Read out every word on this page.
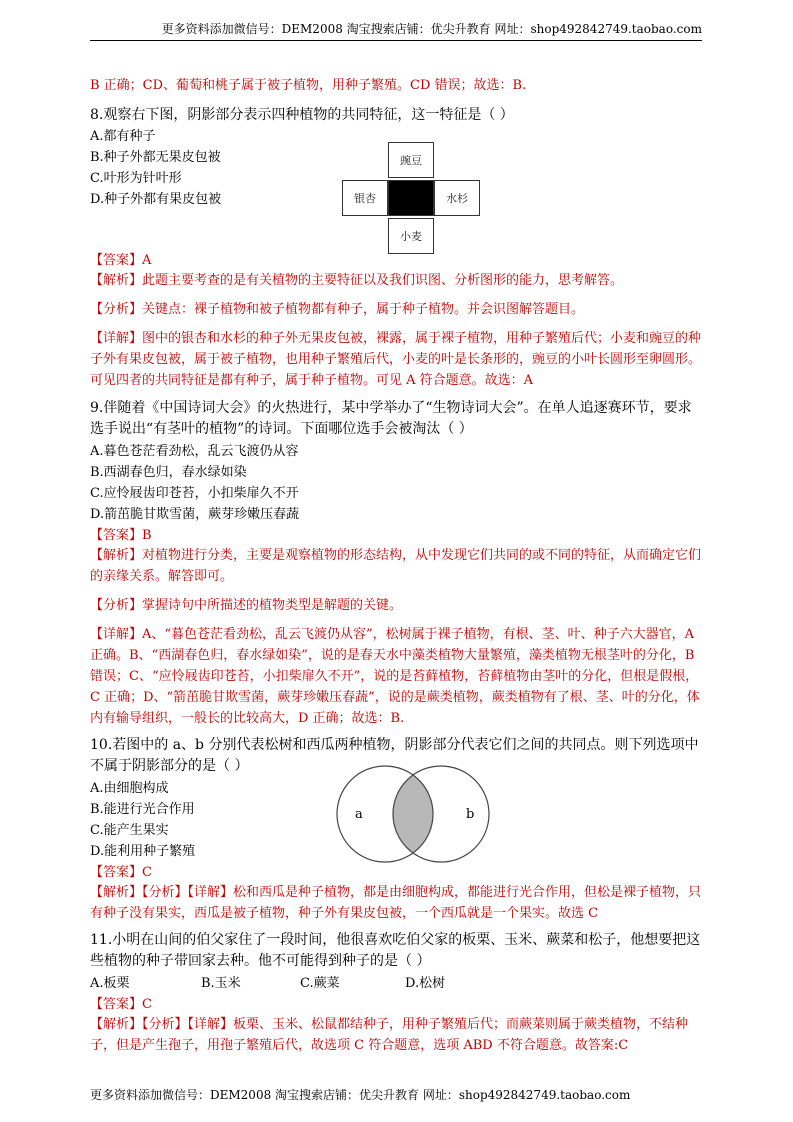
更多资料添加微信号：DEM2008 淘宝搜索店铺：优尖升教育 网址：shop492842749.taobao.com
B 正确；CD、葡萄和桃子属于被子植物，用种子繁殖。CD 错误；故选：B.
8.观察右下图，阴影部分表示四种植物的共同特征，这一特征是（ ）
A.都有种子
B.种子外都无果皮包被
C.叶形为针叶形
D.种子外都有果皮包被
豌豆
银杏	水杉
小麦
【答案】A
【解析】此题主要考查的是有关植物的主要特征以及我们识图、分析图形的能力，思考解答。
【分析】关键点：裸子植物和被子植物都有种子，属于种子植物。并会识图解答题目。
【详解】图中的银杏和水杉的种子外无果皮包被，裸露，属于裸子植物，用种子繁殖后代；小麦和豌豆的种子外有果皮包被，属于被子植物，也用种子繁殖后代，小麦的叶是长条形的，豌豆的小叶长圆形至卵圆形。可见四者的共同特征是都有种子，属于种子植物。可见 A 符合题意。故选：A
9.伴随着《中国诗词大会》的火热进行，某中学举办了“生物诗词大会”。在单人追逐赛环节，要求选手说出“有茎叶的植物”的诗词。下面哪位选手会被淘汰（ ）
A.暮色苍茫看劲松，乱云飞渡仍从容
B.西湖春色归，春水绿如染
C.应怜屐齿印苍苔，小扣柴扉久不开
D.箭茁脆甘欺雪菌，蕨芽珍嫩压春蔬
【答案】B
【解析】对植物进行分类，主要是观察植物的形态结构，从中发现它们共同的或不同的特征，从而确定它们的亲缘关系。解答即可。
【分析】掌握诗句中所描述的植物类型是解题的关键。
【详解】A、“暮色苍茫看劲松，乱云飞渡仍从容”，松树属于裸子植物，有根、茎、叶、种子六大器官，A 正确。B、“西湖春色归，春水绿如染”，说的是春天水中藻类植物大量繁殖，藻类植物无根茎叶的分化，B 错误；C、“应怜屐齿印苍苔，小扣柴扉久不开”，说的是苔藓植物，苔藓植物由茎叶的分化，但根是假根，C 正确；D、“箭茁脆甘欺雪菌，蕨芽珍嫩压春蔬”，说的是蕨类植物，蕨类植物有了根、茎、叶的分化，体内有输导组织，一般长的比较高大，D 正确；故选：B.
10.若图中的 a、b 分别代表松树和西瓜两种植物，阴影部分代表它们之间的共同点。则下列选项中不属于阴影部分的是（ ）
A.由细胞构成
B.能进行光合作用
C.能产生果实
D.能利用种子繁殖
a	b
【答案】C
【解析】【分析】【详解】松和西瓜是种子植物，都是由细胞构成，都能进行光合作用，但松是裸子植物，只有种子没有果实，西瓜是被子植物，种子外有果皮包被，一个西瓜就是一个果实。故选 C
11.小明在山间的伯父家住了一段时间，他很喜欢吃伯父家的板栗、玉米、蕨菜和松子，他想要把这些植物的种子带回家去种。他不可能得到种子的是（ ）
A.板栗	B.玉米	C.蕨菜	D.松树
【答案】C
【解析】【分析】【详解】板栗、玉米、松鼠都结种子，用种子繁殖后代；而蕨菜则属于蕨类植物，不结种子，但是产生孢子，用孢子繁殖后代，故选项 C 符合题意，选项 ABD 不符合题意。故答案:C
更多资料添加微信号：DEM2008 淘宝搜索店铺：优尖升教育 网址：shop492842749.taobao.com
